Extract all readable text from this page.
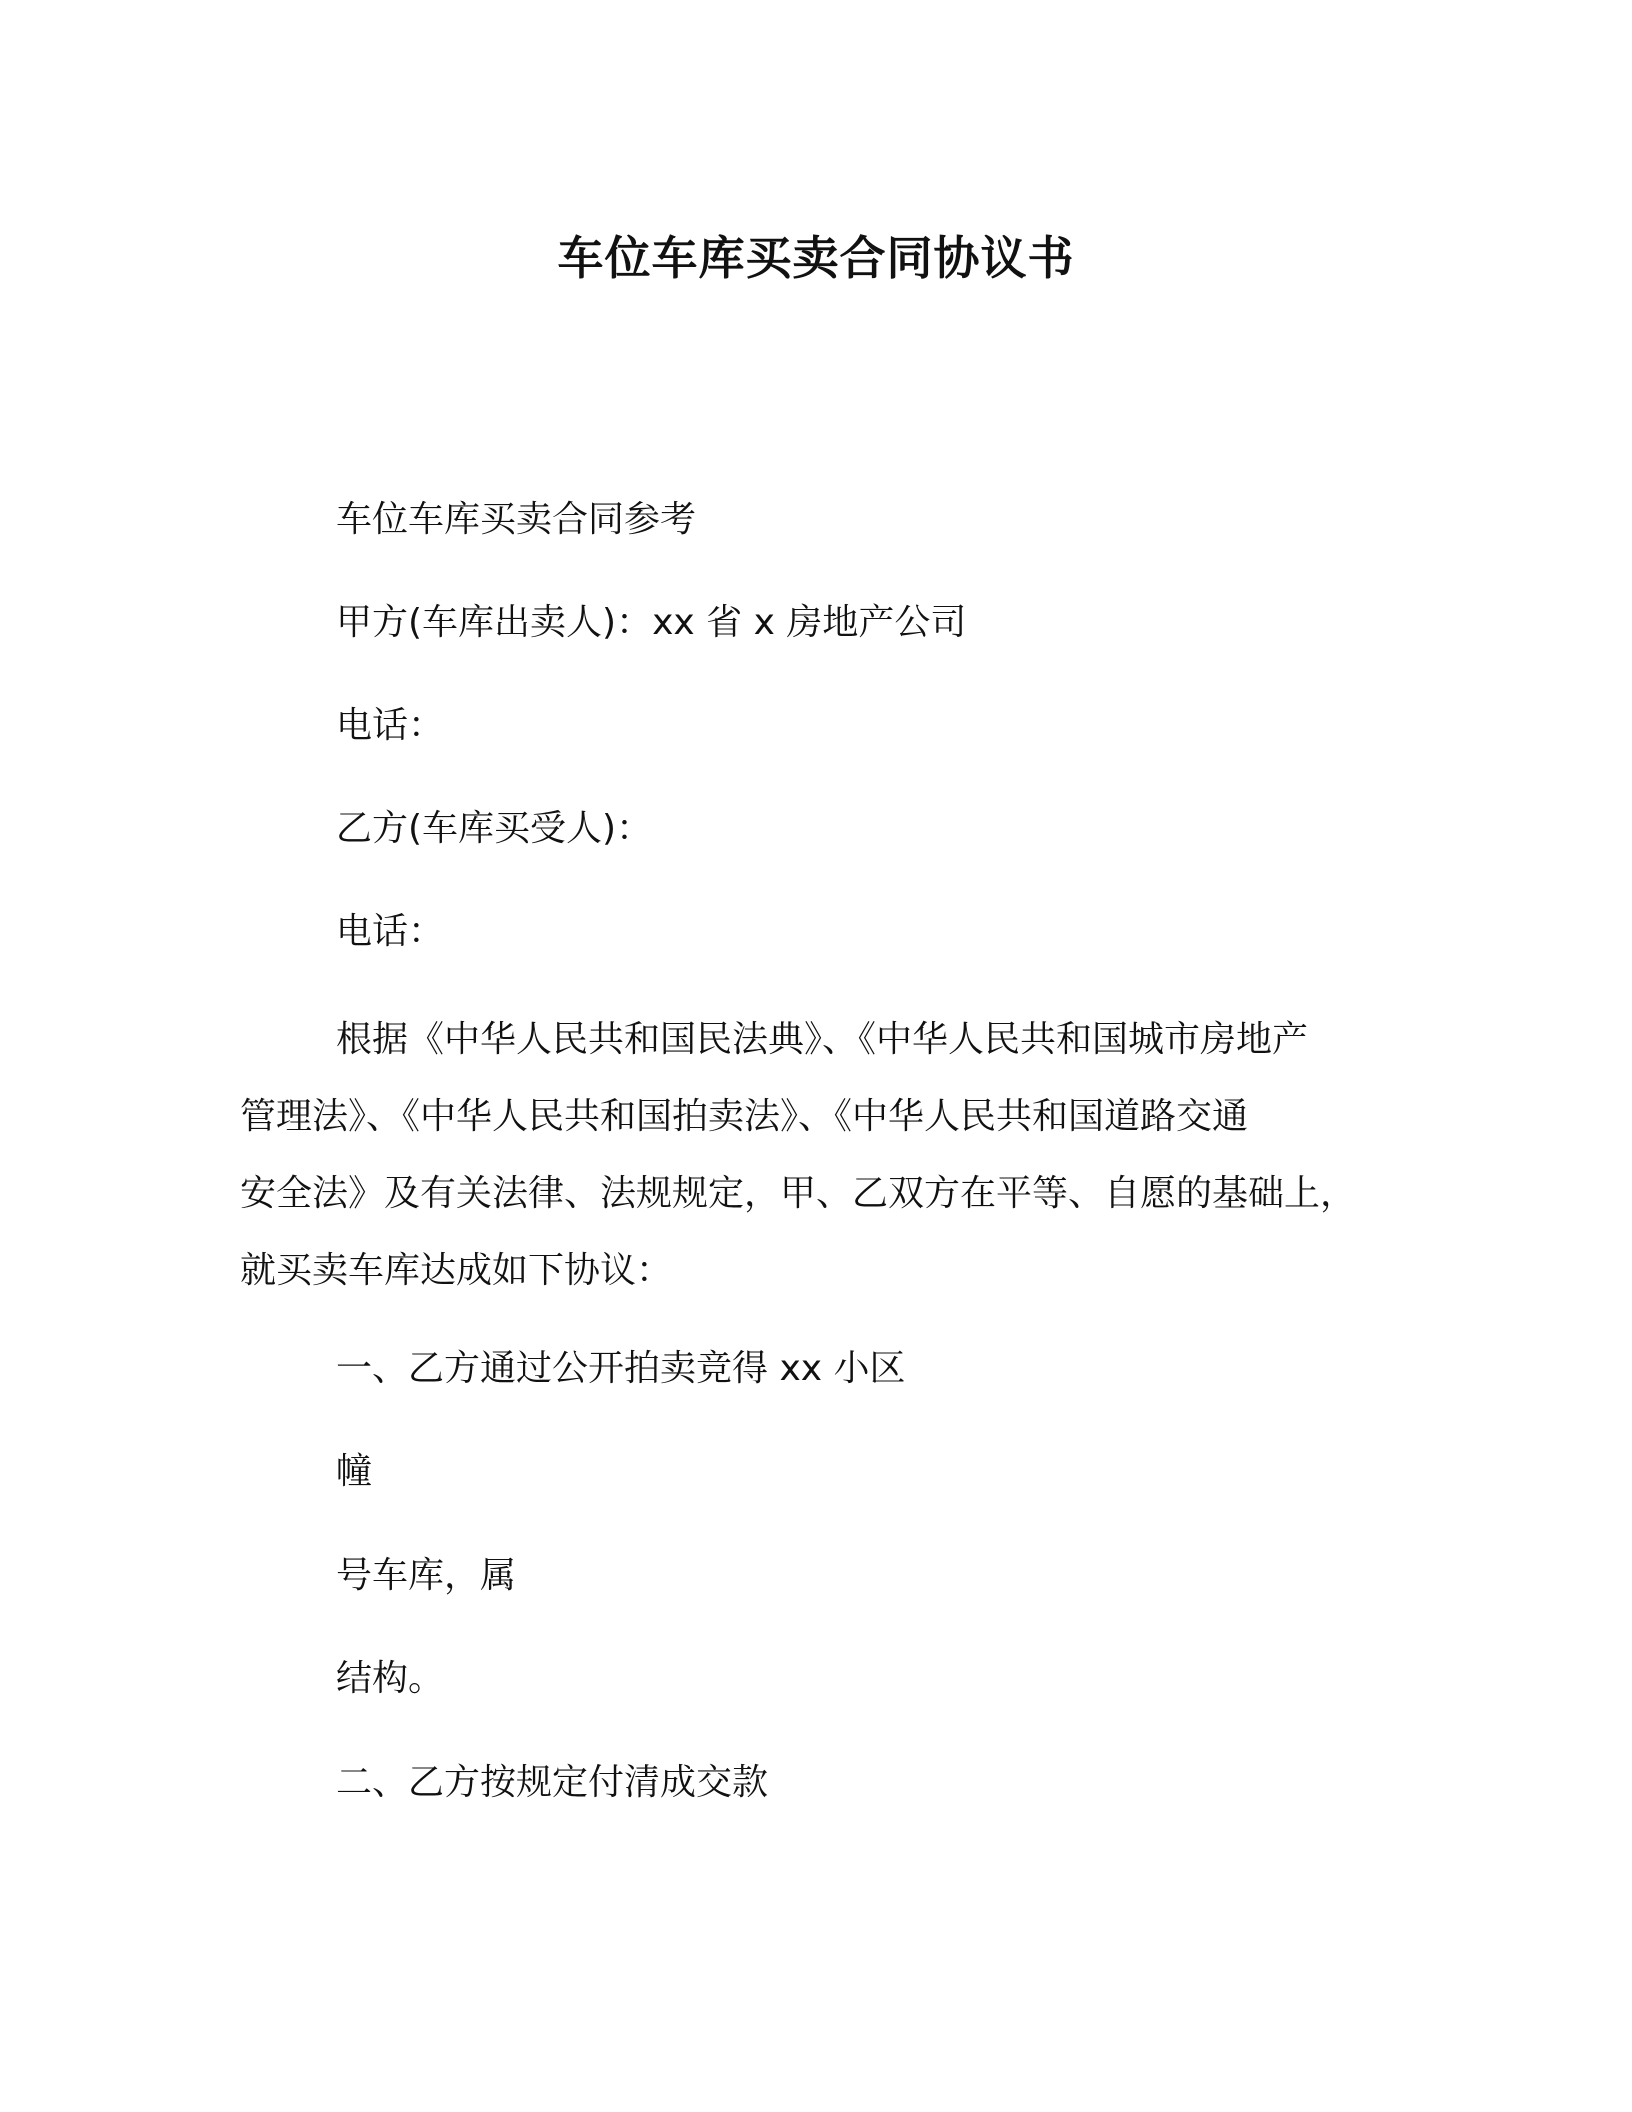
车位车库买卖合同协议书
车位车库买卖合同参考
甲方(车库出卖人)：xx 省 x 房地产公司
电话：
乙方(车库买受人)：
电话：
根据《中华人民共和国民法典》、《中华人民共和国城市房地产
管理法》、《中华人民共和国拍卖法》、《中华人民共和国道路交通
安全法》及有关法律、法规规定，甲、乙双方在平等、自愿的基础上，
就买卖车库达成如下协议：
一、乙方通过公开拍卖竞得 xx 小区
幢
号车库，属
结构。
二、乙方按规定付清成交款
